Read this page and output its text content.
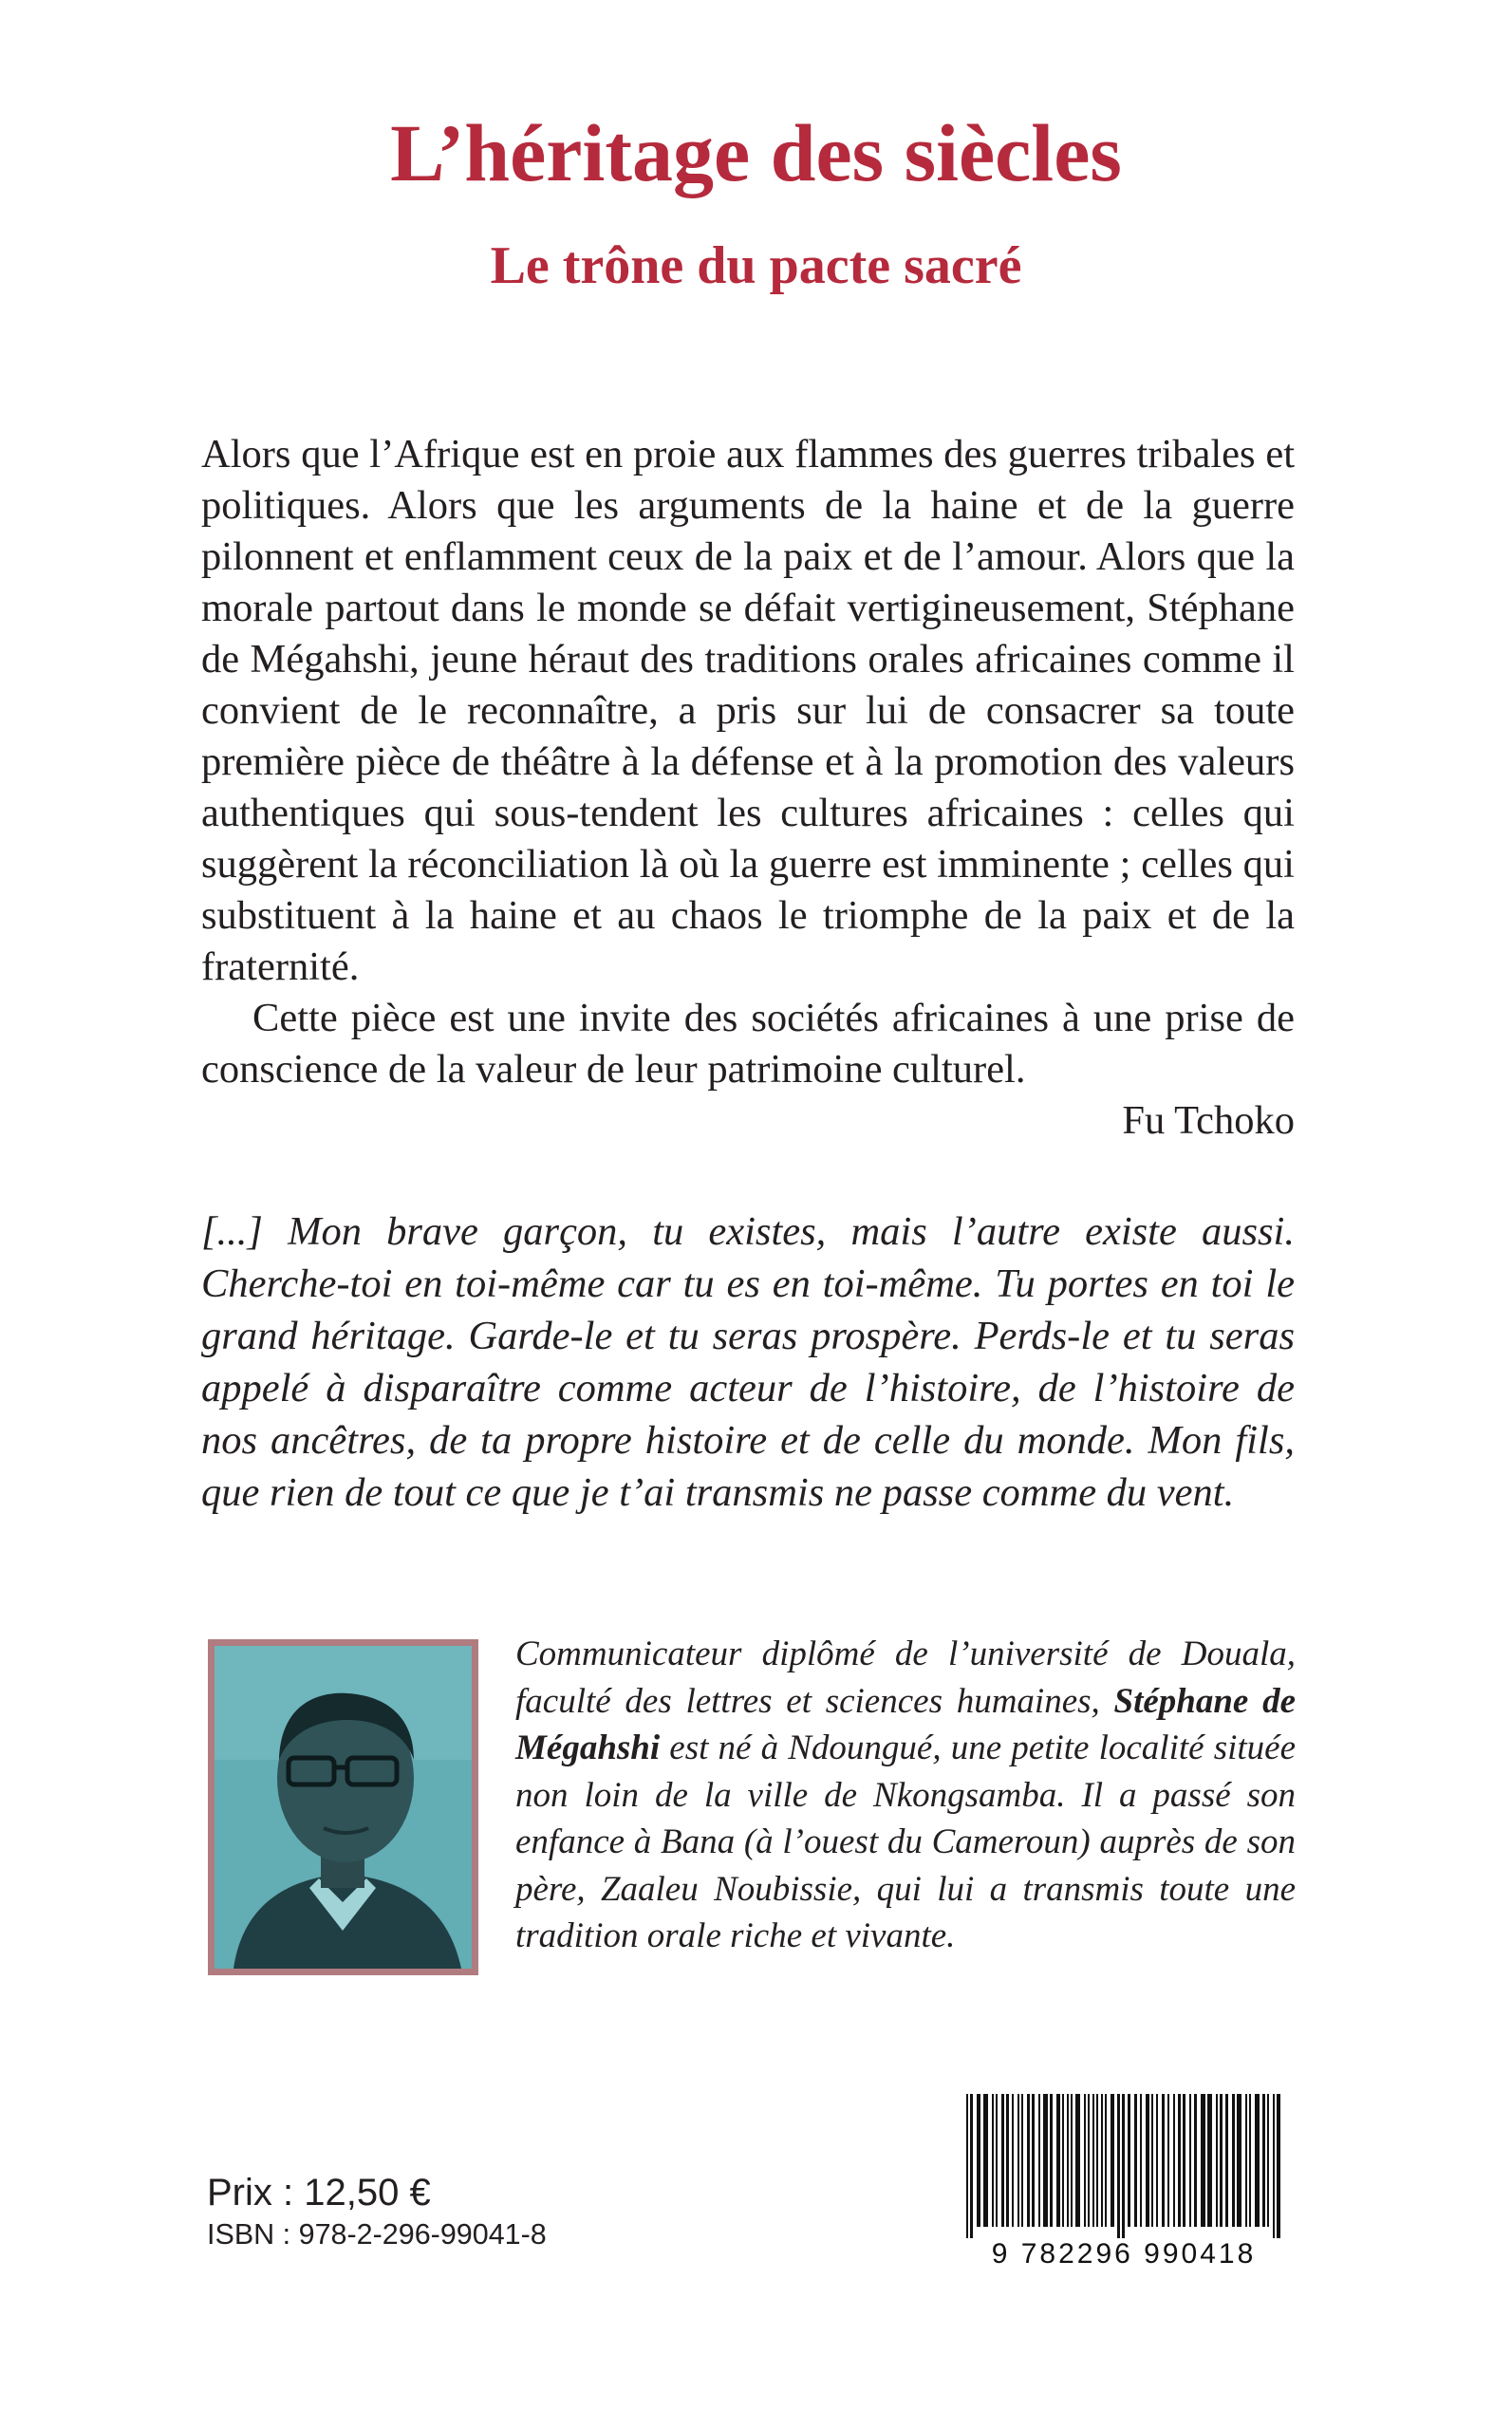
L’héritage des siècles
Le trône du pacte sacré

Alors que l’Afrique est en proie aux flammes des guerres tribales et politiques. Alors que les arguments de la haine et de la guerre pilonnent et enflamment ceux de la paix et de l’amour. Alors que la morale partout dans le monde se défait vertigineusement, Stéphane de Mégahshi, jeune héraut des traditions orales africaines comme il convient de le reconnaître, a pris sur lui de consacrer sa toute première pièce de théâtre à la défense et à la promotion des valeurs authentiques qui sous-tendent les cultures africaines : celles qui suggèrent la réconciliation là où la guerre est imminente ; celles qui substituent à la haine et au chaos le triomphe de la paix et de la fraternité.

Cette pièce est une invite des sociétés africaines à une prise de conscience de la valeur de leur patrimoine culturel.

Fu Tchoko

[...] Mon brave garçon, tu existes, mais l’autre existe aussi. Cherche-toi en toi-même car tu es en toi-même. Tu portes en toi le grand héritage. Garde-le et tu seras prospère. Perds-le et tu seras appelé à disparaître comme acteur de l’histoire, de l’histoire de nos ancêtres, de ta propre histoire et de celle du monde. Mon fils, que rien de tout ce que je t’ai transmis ne passe comme du vent.

Communicateur diplômé de l’université de Douala, faculté des lettres et sciences humaines, Stéphane de Mégahshi est né à Ndoungué, une petite localité située non loin de la ville de Nkongsamba. Il a passé son enfance à Bana (à l’ouest du Cameroun) auprès de son père, Zaaleu Noubissie, qui lui a transmis toute une tradition orale riche et vivante.

Prix : 12,50 €
ISBN : 978-2-296-99041-8
9 782296 990418
